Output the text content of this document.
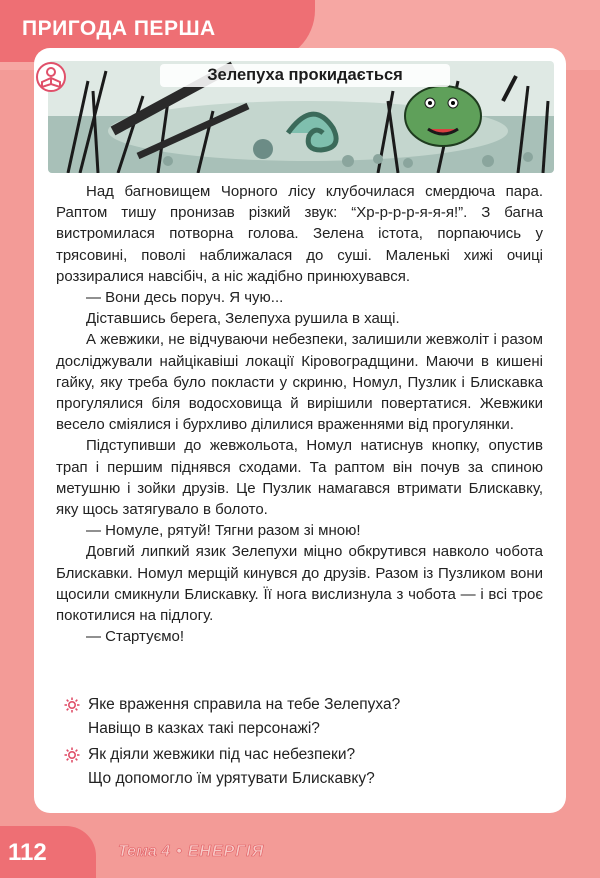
ПРИГОДА ПЕРША
Зелепуха прокидається

Над багновищем Чорного лісу клубочилася смердюча пара. Раптом тишу пронизав різкий звук: “Хр-р-р-р-я-я-я!”. З багна вистромилася потворна голова. Зелена істота, порпаючись у трясовині, поволі наближалася до суші. Маленькі хижі очиці роззиралися навсібіч, а ніс жадібно принюхувався.

— Вони десь поруч. Я чую...

Діставшись берега, Зелепуха рушила в хащі.

А жевжики, не відчуваючи небезпеки, залишили жевжоліт і разом досліджували найцікавіші локації Кіровоградщини. Маючи в кишені гайку, яку треба було покласти у скриню, Номул, Пузлик і Блискавка прогулялися біля водосховища й вирішили повертатися. Жевжики весело сміялися і бурхливо ділилися враженнями від прогулянки.

Підступивши до жевжольота, Номул натиснув кнопку, опустив трап і першим піднявся сходами. Та раптом він почув за спиною метушню і зойки друзів. Це Пузлик намагався втримати Блискавку, яку щось затягувало в болото.

— Номуле, рятуй! Тягни разом зі мною!

Довгий липкий язик Зелепухи міцно обкрутився навколо чобота Блискавки. Номул мерщій кинувся до друзів. Разом із Пузликом вони щосили смикнули Блискавку. Її нога вислизнула з чобота — і всі троє покотилися на підлогу.

— Стартуємо!

Яке враження справила на тебе Зелепуха?
Навіщо в казках такі персонажі?
Як діяли жевжики під час небезпеки?
Що допомогло їм урятувати Блискавку?
112	Тема 4 • ЕНЕРГІЯ
